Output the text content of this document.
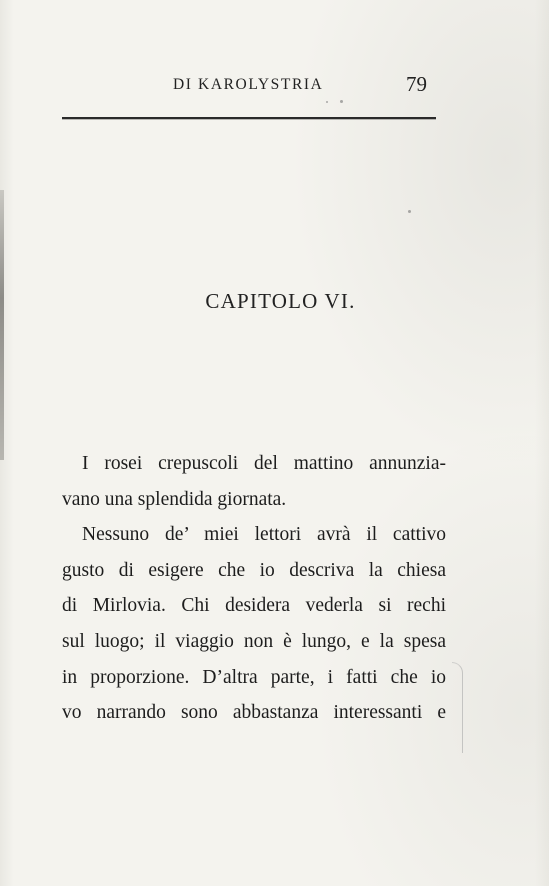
DI KAROLYSTRIA	79
CAPITOLO VI.
I rosei crepuscoli del mattino annunzia-
vano una splendida giornata.
Nessuno de’ miei lettori avrà il cattivo
gusto di esigere che io descriva la chiesa
di Mirlovia. Chi desidera vederla si rechi
sul luogo; il viaggio non è lungo, e la spesa
in proporzione. D’altra parte, i fatti che io
vo narrando sono abbastanza interessanti e
